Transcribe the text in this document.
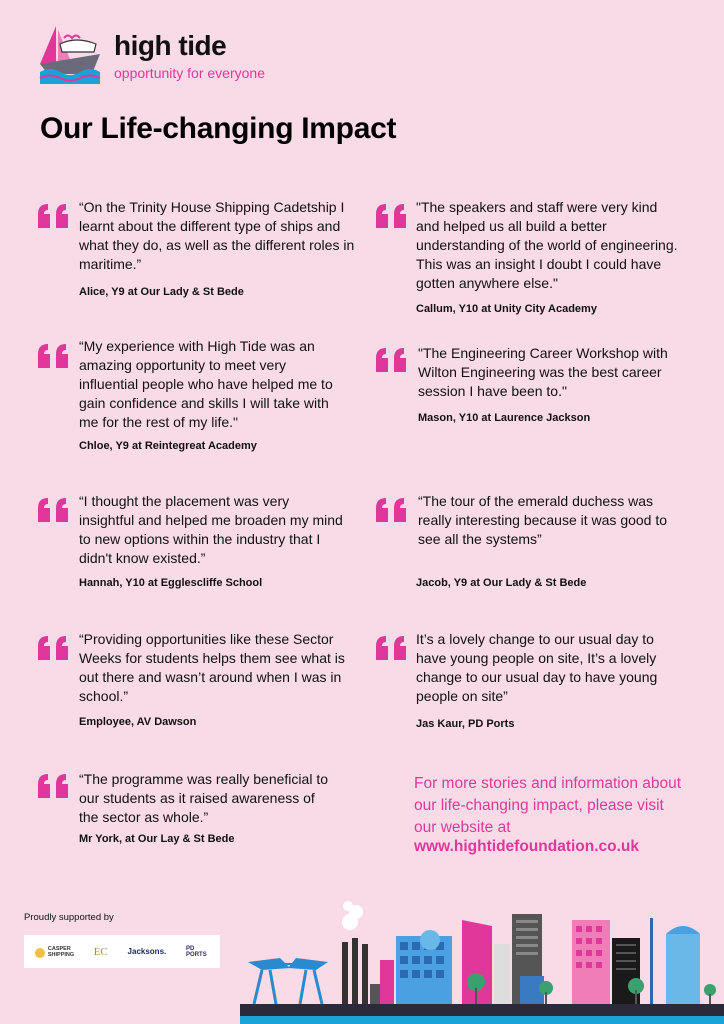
high tide
opportunity for everyone
Our Life-changing Impact
“On the Trinity House Shipping Cadetship I learnt about the different type of ships and what they do, as well as the different roles in maritime.”
Alice, Y9 at Our Lady & St Bede
"The speakers and staff were very kind and helped us all build a better understanding of the world of engineering. This was an insight I doubt I could have gotten anywhere else."
Callum, Y10 at Unity City Academy
“My experience with High Tide was an amazing opportunity to meet very influential people who have helped me to gain confidence and skills I will take with me for the rest of my life."
Chloe, Y9 at Reintegreat Academy
"The Engineering Career Workshop with Wilton Engineering was the best career session I have been to."
Mason, Y10 at Laurence Jackson
“I thought the placement was very insightful and helped me broaden my mind to new options within the industry that I didn't know existed.”
Hannah, Y10 at Egglescliffe School
“The tour of the emerald duchess was really interesting because it was good to see all the systems”
Jacob, Y9 at Our Lady & St Bede
“Providing opportunities like these Sector Weeks for students helps them see what is out there and wasn’t around when I was in school.”
Employee, AV Dawson
It’s a lovely change to our usual day to have young people on site, It’s a lovely change to our usual day to have young people on site”
Jas Kaur, PD Ports
“The programme was really beneficial to our students as it raised awareness of the sector as whole.”
Mr York, at Our Lay & St Bede
For more stories and information about our life-changing impact, please visit our website at
www.hightidefoundation.co.uk
Proudly supported by
CASPER SHIPPING EC Jacksons.	PD PORTS
